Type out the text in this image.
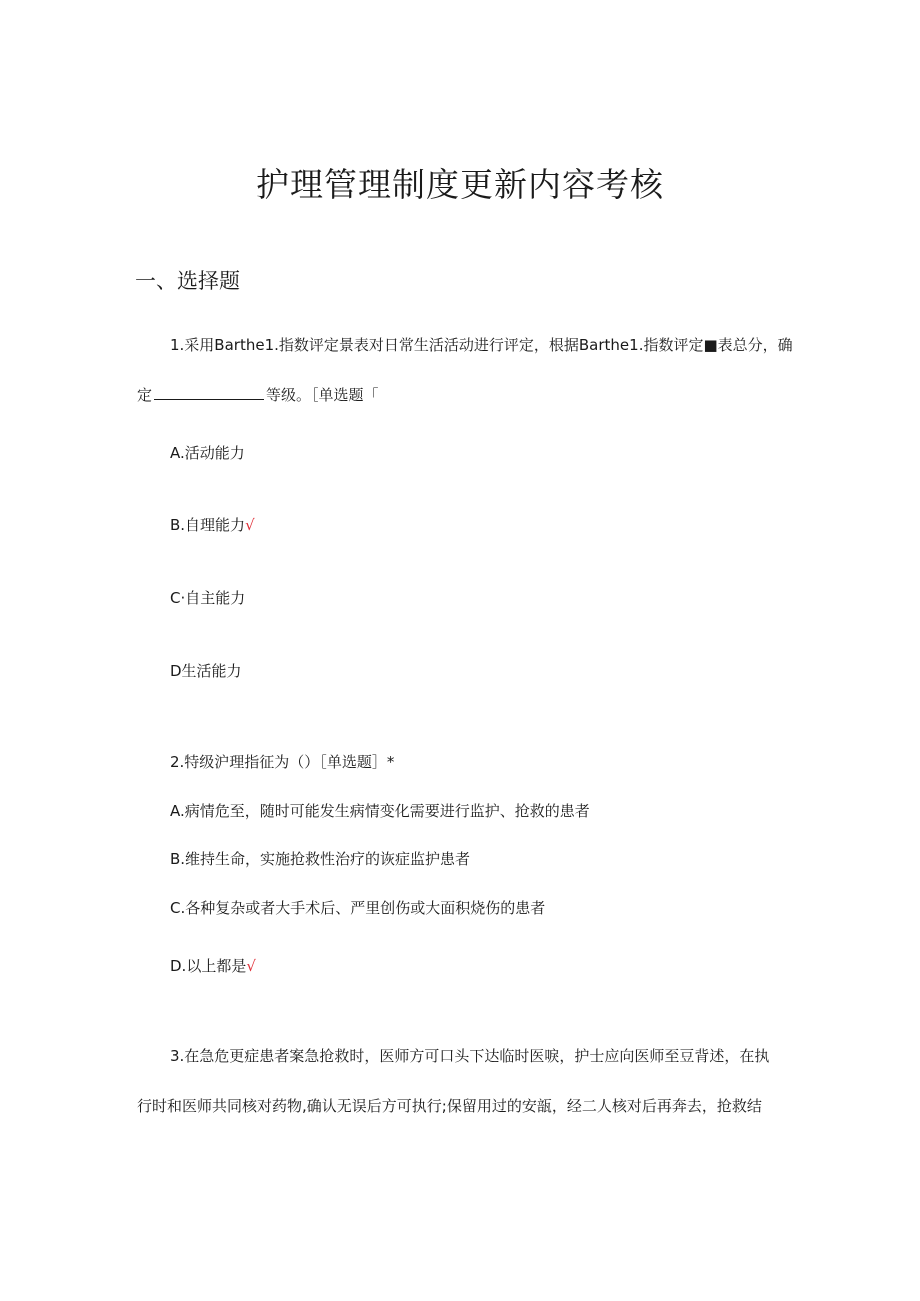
护理管理制度更新内容考核
一、选择题
1.采用Barthe1.指数评定景表对日常生活活动进行评定，根据Barthe1.指数评定■表总分，确
定	等级。［单选题「
A.活动能力
B.自理能力√
C·自主能力
D生活能力
2.特级沪理指征为（）［单选题］*
A.病情危至，随时可能发生病情变化需要进行监护、抢救的患者
B.维持生命，实施抢救性治疗的诙症监护患者
C.各种复杂或者大手术后、严里创伤或大面积烧伤的患者
D.以上都是√
3.在急危更症患者案急抢救时，医师方可口头下达临时医唳，护士应向医师至豆背述，在执
行时和医师共同核对药物,确认无误后方可执行;保留用过的安瓿，经二人核对后再奔去，抢救结
